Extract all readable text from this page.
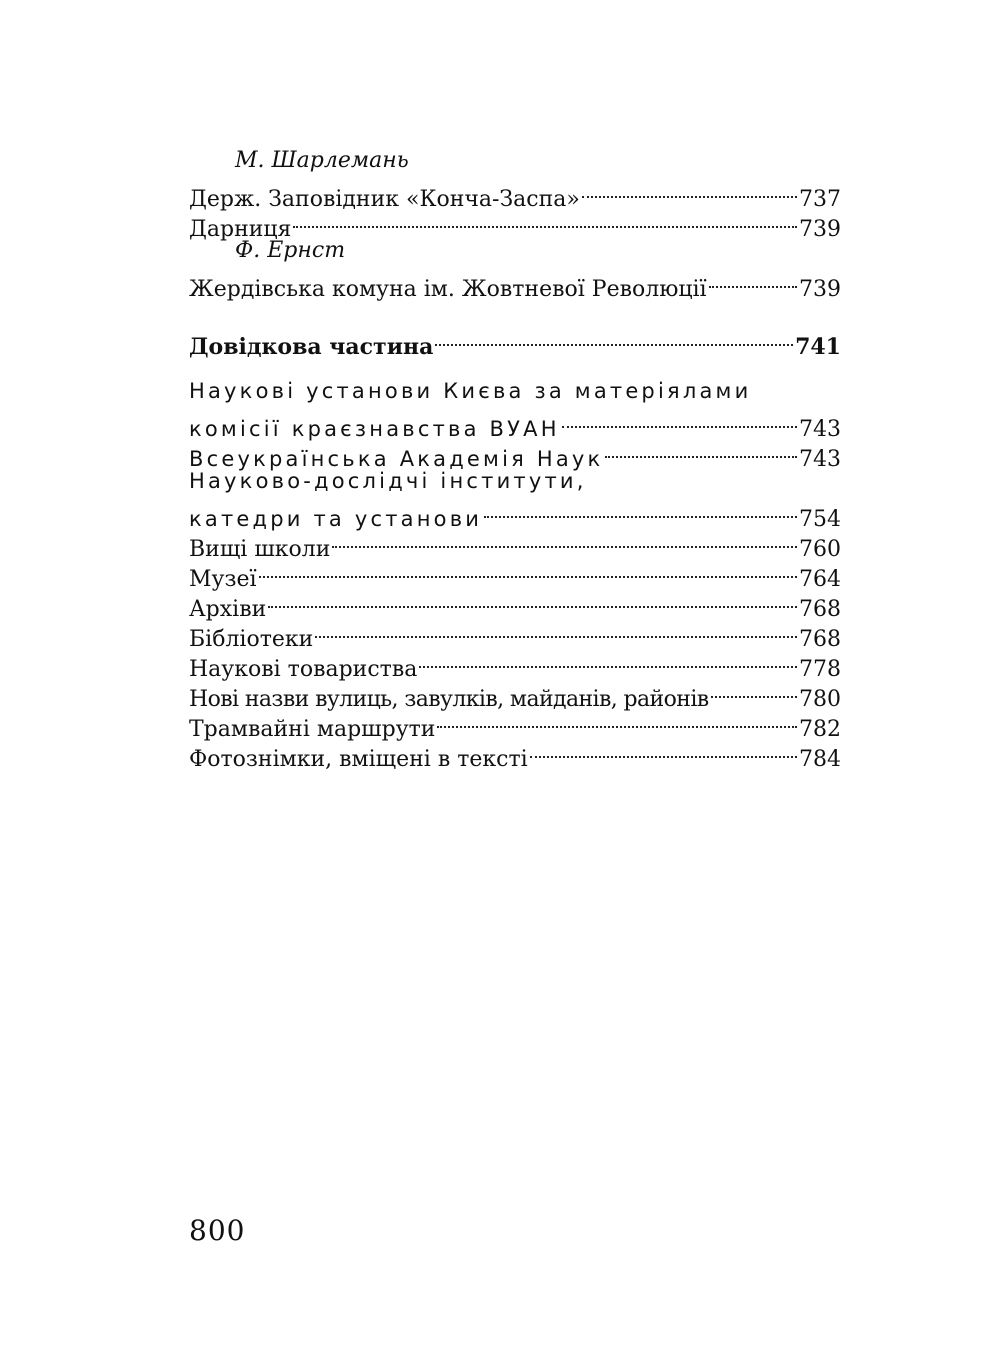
М. Шарлемань
Держ. Заповідник «Конча-Заспа»	737
Дарниця	739
Ф. Ернст
Жердівська комуна ім. Жовтневої Революції	739
Довідкова частина	741
Наукові установи Києва за матеріялами
комісії краєзнавства ВУАН	743
Всеукраїнська Академія Наук	743
Науково-дослідчі інститути,
катедри та установи	754
Вищі школи	760
Музеї	764
Архіви	768
Бібліотеки	768
Наукові товариства	778
Нові назви вулиць, завулків, майданів, районів	780
Трамвайні маршрути	782
Фотознімки, вміщені в тексті	784
800
